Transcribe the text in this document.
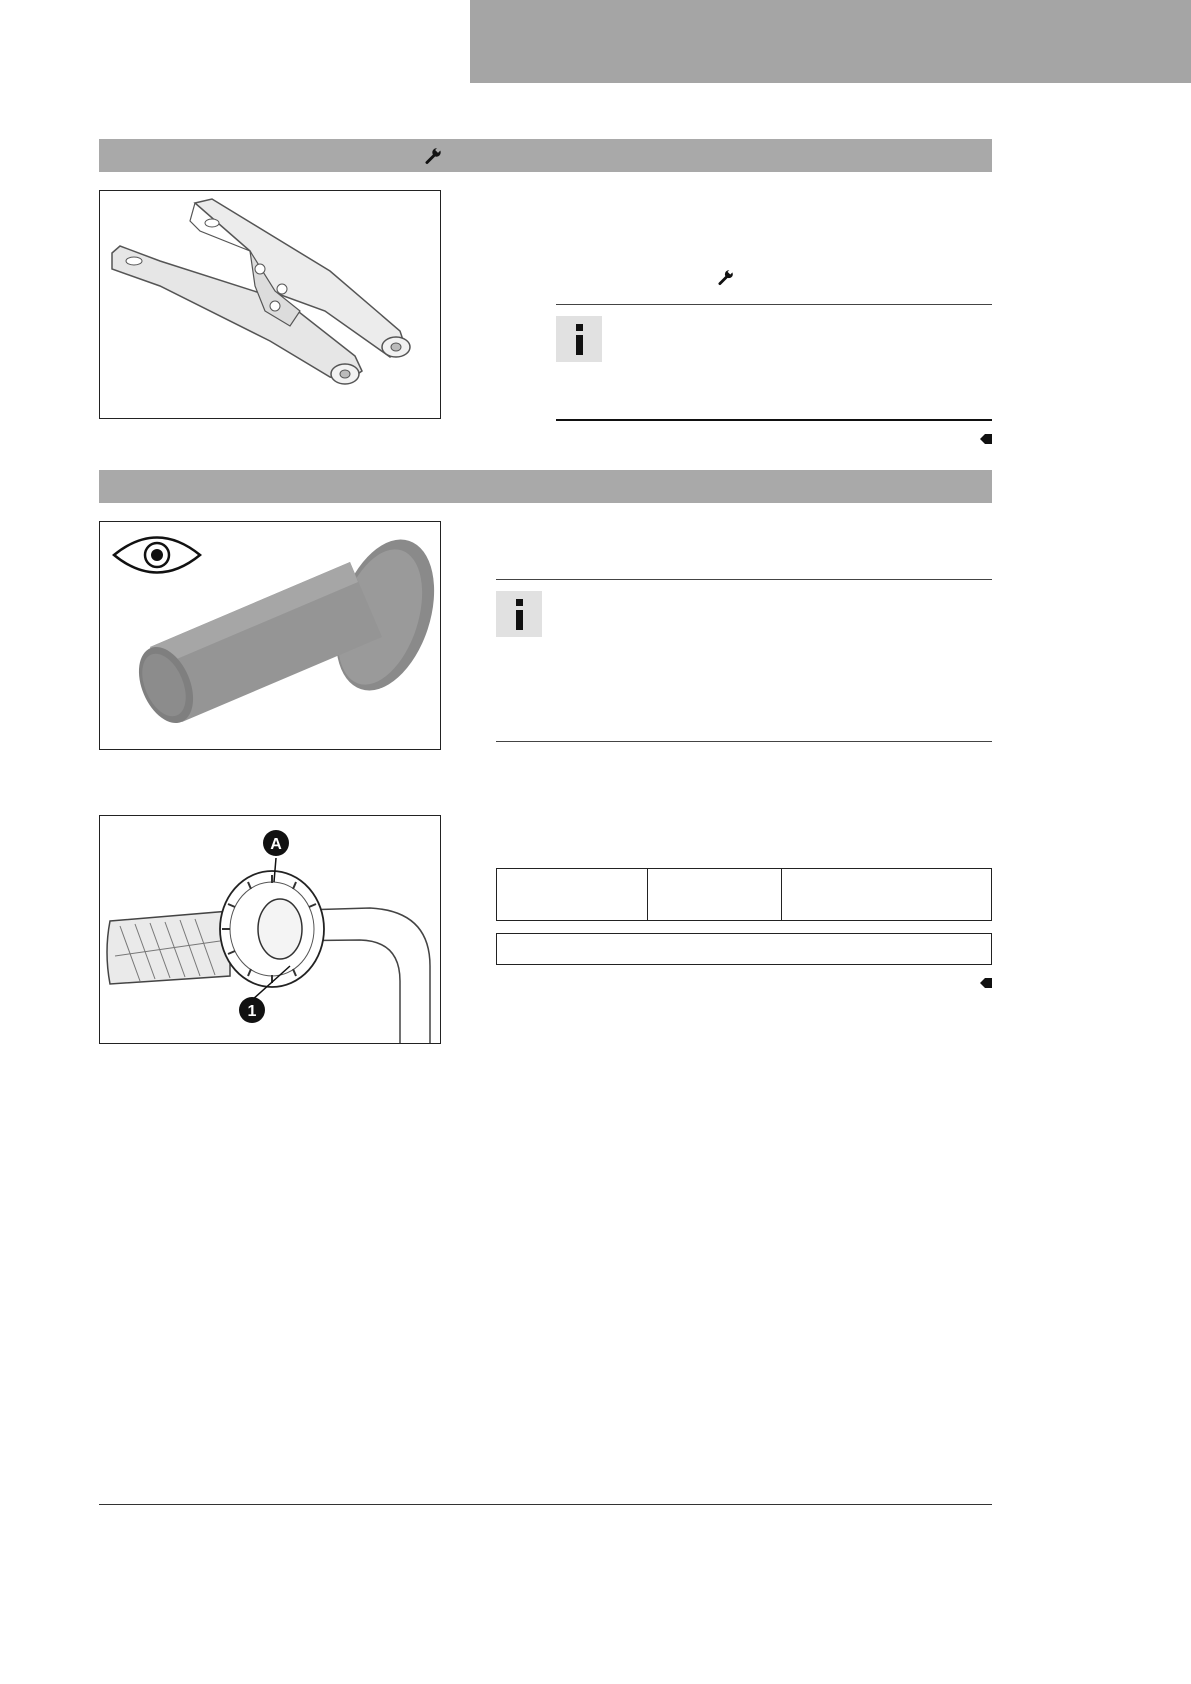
A
1
